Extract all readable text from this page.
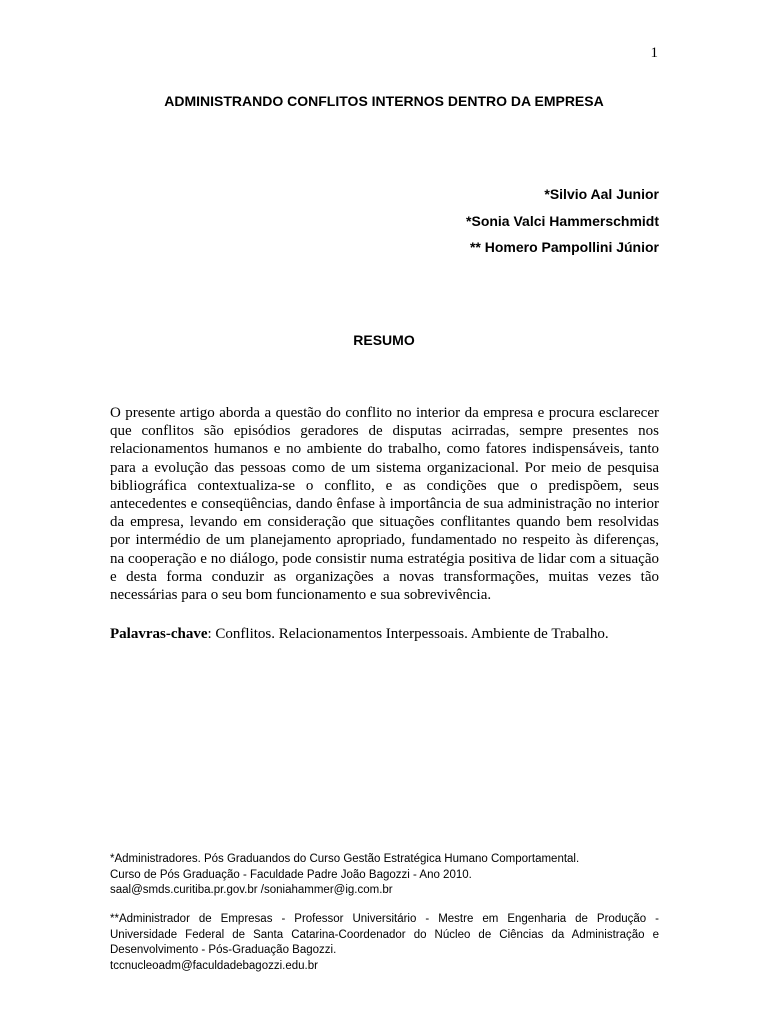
1
ADMINISTRANDO CONFLITOS INTERNOS DENTRO DA EMPRESA
*Silvio Aal Junior
*Sonia Valci Hammerschmidt
** Homero Pampollini Júnior
RESUMO

O presente artigo aborda a questão do conflito no interior da empresa e procura esclarecer que conflitos são episódios geradores de disputas acirradas, sempre presentes nos relacionamentos humanos e no ambiente do trabalho, como fatores indispensáveis, tanto para a evolução das pessoas como de um sistema organizacional. Por meio de pesquisa bibliográfica contextualiza-se o conflito, e as condições que o predispõem, seus antecedentes e conseqüências, dando ênfase à importância de sua administração no interior da empresa, levando em consideração que situações conflitantes quando bem resolvidas por intermédio de um planejamento apropriado, fundamentado no respeito às diferenças, na cooperação e no diálogo, pode consistir numa estratégia positiva de lidar com a situação e desta forma conduzir as organizações a novas transformações, muitas vezes tão necessárias para o seu bom funcionamento e sua sobrevivência.

Palavras-chave: Conflitos. Relacionamentos Interpessoais. Ambiente de Trabalho.

*Administradores. Pós Graduandos do Curso Gestão Estratégica Humano Comportamental.
Curso de Pós Graduação - Faculdade Padre João Bagozzi - Ano 2010.
saal@smds.curitiba.pr.gov.br /soniahammer@ig.com.br

**Administrador de Empresas - Professor Universitário - Mestre em Engenharia de Produção - Universidade Federal de Santa Catarina-Coordenador do Núcleo de Ciências da Administração e Desenvolvimento - Pós-Graduação Bagozzi.
tccnucleoadm@faculdadebagozzi.edu.br
